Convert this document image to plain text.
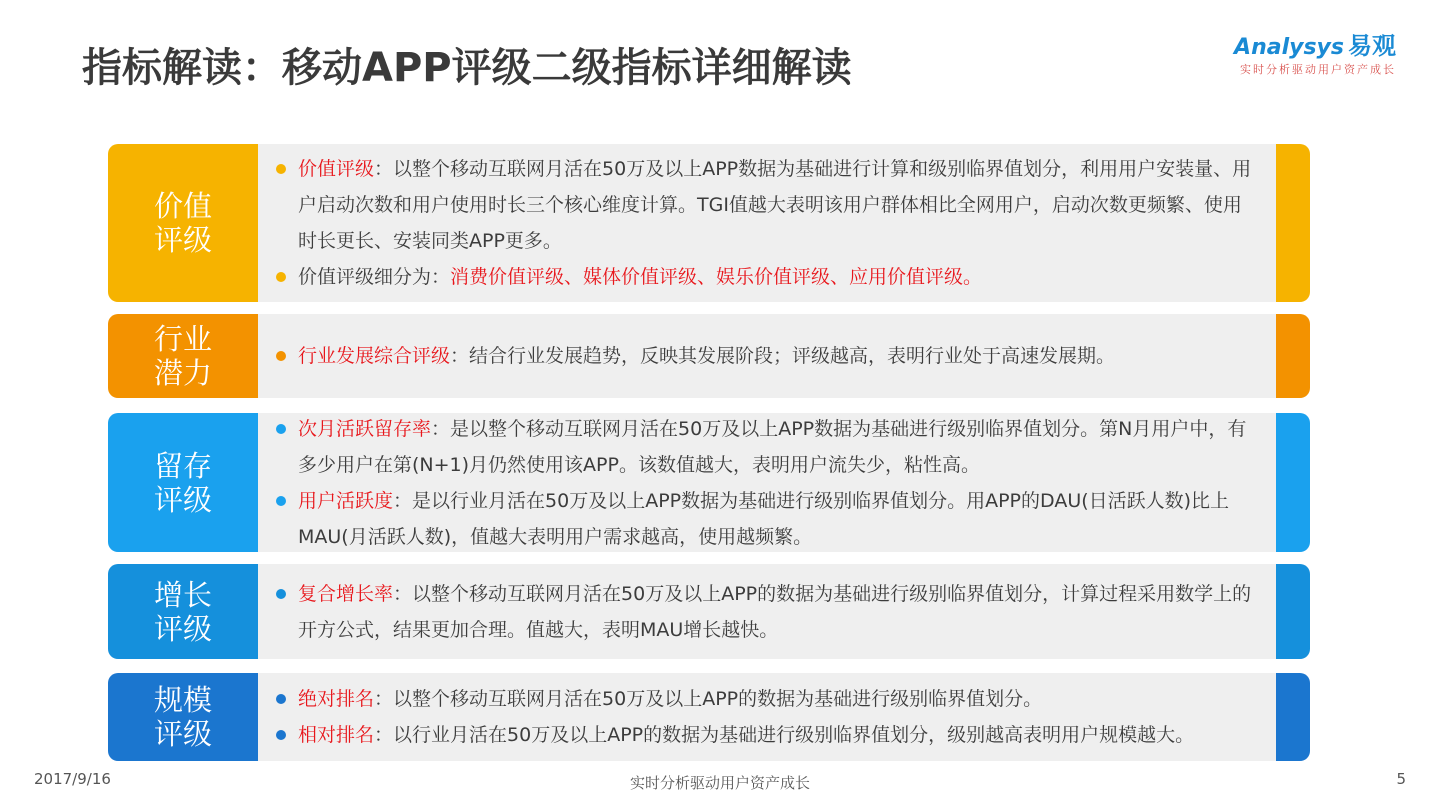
指标解读：移动APP评级二级指标详细解读	Analysys 易观
实时分析驱动用户资产成长
价值
评级
价值评级：以整个移动互联网月活在50万及以上APP数据为基础进行计算和级别临界值划分，利用用户安装量、用户启动次数和用户使用时长三个核心维度计算。TGI值越大表明该用户群体相比全网用户，启动次数更频繁、使用时长更长、安装同类APP更多。
价值评级细分为：消费价值评级、媒体价值评级、娱乐价值评级、应用价值评级。
行业
潜力	行业发展综合评级：结合行业发展趋势，反映其发展阶段；评级越高，表明行业处于高速发展期。
留存
评级
次月活跃留存率：是以整个移动互联网月活在50万及以上APP数据为基础进行级别临界值划分。第N月用户中，有多少用户在第(N+1)月仍然使用该APP。该数值越大，表明用户流失少，粘性高。
用户活跃度：是以行业月活在50万及以上APP数据为基础进行级别临界值划分。用APP的DAU(日活跃人数)比上MAU(月活跃人数)，值越大表明用户需求越高，使用越频繁。
增长
评级
复合增长率：以整个移动互联网月活在50万及以上APP的数据为基础进行级别临界值划分，计算过程采用数学上的开方公式，结果更加合理。值越大，表明MAU增长越快。
规模
评级
绝对排名：以整个移动互联网月活在50万及以上APP的数据为基础进行级别临界值划分。
相对排名：以行业月活在50万及以上APP的数据为基础进行级别临界值划分，级别越高表明用户规模越大。
2017/9/16	实时分析驱动用户资产成长	5
